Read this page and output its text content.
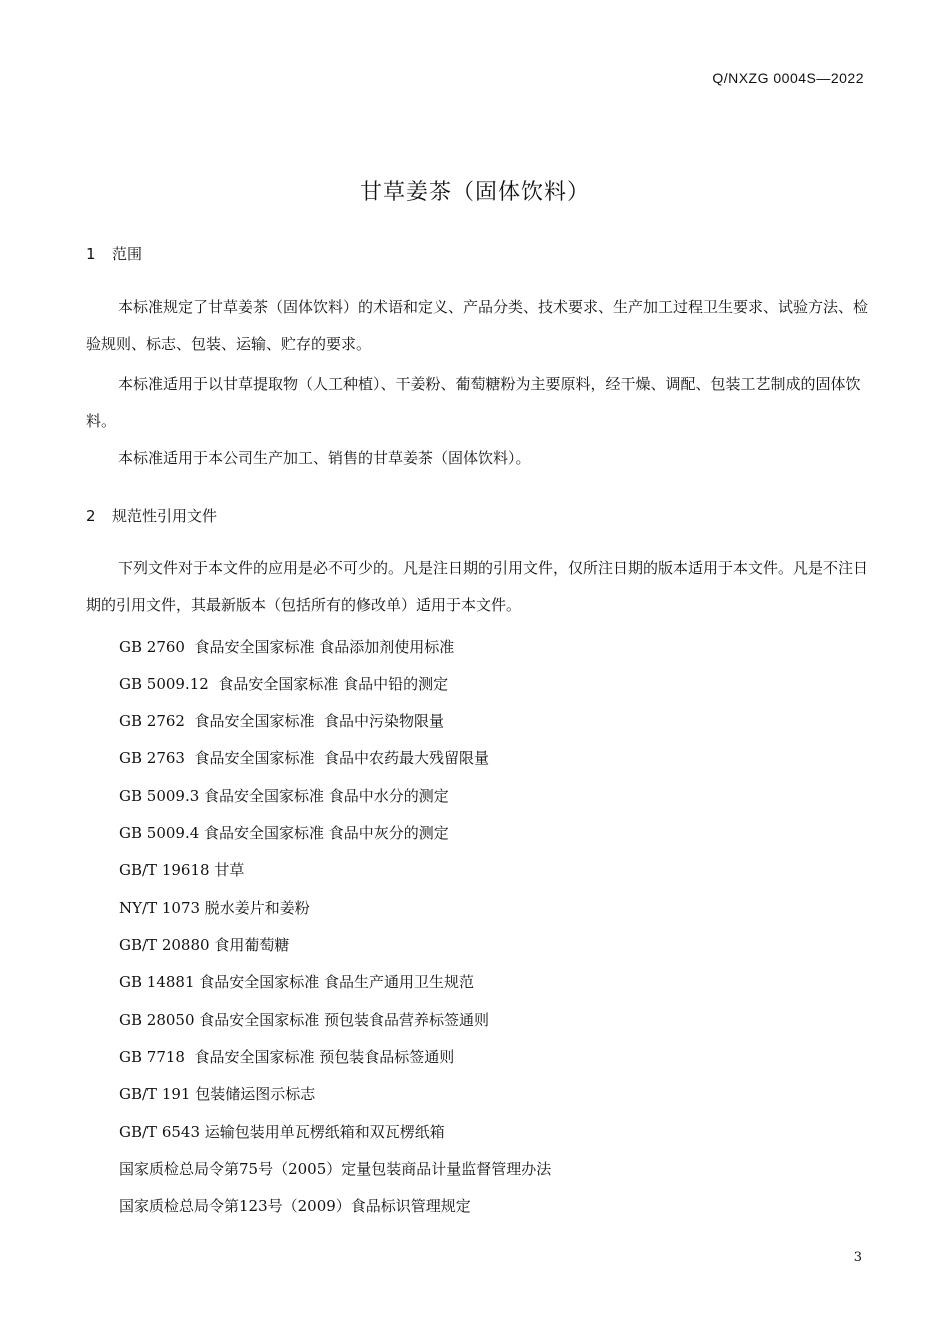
Q/NXZG 0004S—2022
甘草姜茶（固体饮料）
1 范围

本标准规定了甘草姜茶（固体饮料）的术语和定义、产品分类、技术要求、生产加工过程卫生要求、试验方法、检验规则、标志、包装、运输、贮存的要求。

本标准适用于以甘草提取物（人工种植）、干姜粉、葡萄糖粉为主要原料，经干燥、调配、包装工艺制成的固体饮料。

本标准适用于本公司生产加工、销售的甘草姜茶（固体饮料）。

2 规范性引用文件

下列文件对于本文件的应用是必不可少的。凡是注日期的引用文件，仅所注日期的版本适用于本文件。凡是不注日期的引用文件，其最新版本（包括所有的修改单）适用于本文件。

GB 2760  食品安全国家标准 食品添加剂使用标准
GB 5009.12  食品安全国家标准 食品中铅的测定
GB 2762  食品安全国家标准  食品中污染物限量
GB 2763  食品安全国家标准  食品中农药最大残留限量
GB 5009.3 食品安全国家标准 食品中水分的测定
GB 5009.4 食品安全国家标准 食品中灰分的测定
GB/T 19618 甘草
NY/T 1073 脱水姜片和姜粉
GB/T 20880 食用葡萄糖
GB 14881 食品安全国家标准 食品生产通用卫生规范
GB 28050 食品安全国家标准 预包装食品营养标签通则
GB 7718  食品安全国家标准 预包装食品标签通则
GB/T 191 包装储运图示标志
GB/T 6543 运输包装用单瓦楞纸箱和双瓦楞纸箱
国家质检总局令第75号（2005）定量包装商品计量监督管理办法
国家质检总局令第123号（2009）食品标识管理规定
3
